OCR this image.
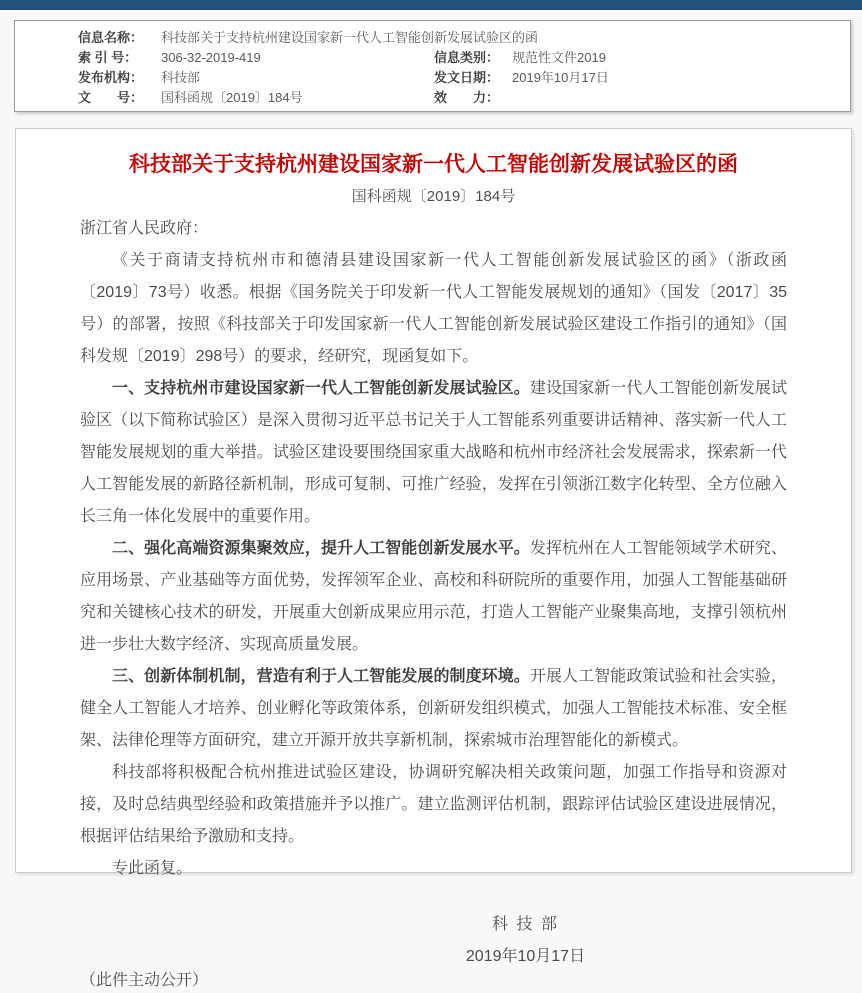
信息名称：	科技部关于支持杭州建设国家新一代人工智能创新发展试验区的函
索 引 号：	306-32-2019-419	信息类别： 规范性文件2019
发布机构：	科技部	发文日期： 2019年10月17日
文　　号：	国科函规〔2019〕184号	效　　力：
科技部关于支持杭州建设国家新一代人工智能创新发展试验区的函
国科函规〔2019〕184号

浙江省人民政府：

《关于商请支持杭州市和德清县建设国家新一代人工智能创新发展试验区的函》（浙政函〔2019〕73号）收悉。根据《国务院关于印发新一代人工智能发展规划的通知》（国发〔2017〕35号）的部署，按照《科技部关于印发国家新一代人工智能创新发展试验区建设工作指引的通知》（国科发规〔2019〕298号）的要求，经研究，现函复如下。

一、支持杭州市建设国家新一代人工智能创新发展试验区。建设国家新一代人工智能创新发展试验区（以下简称试验区）是深入贯彻习近平总书记关于人工智能系列重要讲话精神、落实新一代人工智能发展规划的重大举措。试验区建设要围绕国家重大战略和杭州市经济社会发展需求，探索新一代人工智能发展的新路径新机制，形成可复制、可推广经验，发挥在引领浙江数字化转型、全方位融入长三角一体化发展中的重要作用。

二、强化高端资源集聚效应，提升人工智能创新发展水平。发挥杭州在人工智能领域学术研究、应用场景、产业基础等方面优势，发挥领军企业、高校和科研院所的重要作用，加强人工智能基础研究和关键核心技术的研发，开展重大创新成果应用示范，打造人工智能产业聚集高地，支撑引领杭州进一步壮大数字经济、实现高质量发展。

三、创新体制机制，营造有利于人工智能发展的制度环境。开展人工智能政策试验和社会实验，健全人工智能人才培养、创业孵化等政策体系，创新研发组织模式，加强人工智能技术标准、安全框架、法律伦理等方面研究，建立开源开放共享新机制，探索城市治理智能化的新模式。

科技部将积极配合杭州推进试验区建设，协调研究解决相关政策问题，加强工作指导和资源对接，及时总结典型经验和政策措施并予以推广。建立监测评估机制，跟踪评估试验区建设进展情况，根据评估结果给予激励和支持。

专此函复。

科 技 部
2019年10月17日

（此件主动公开）
